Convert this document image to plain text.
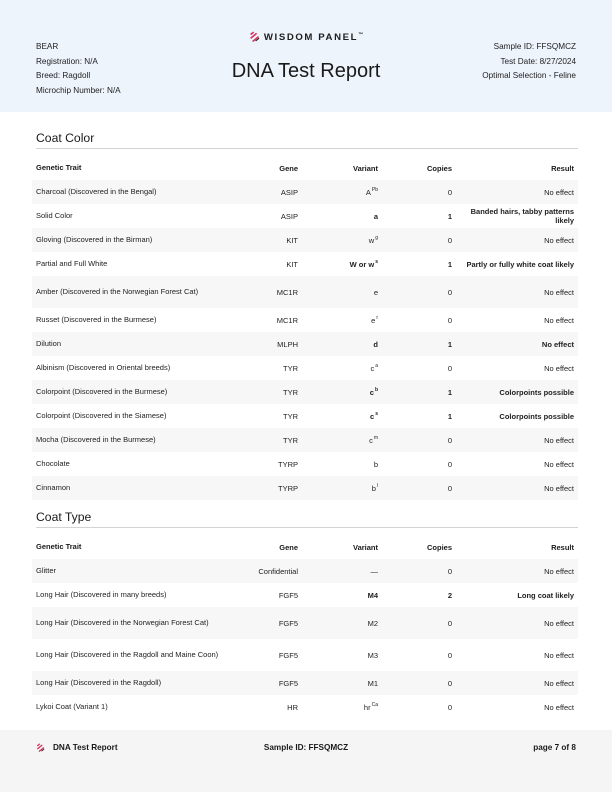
BEAR
Registration: N/A
Breed: Ragdoll
Microchip Number: N/A
WISDOM PANEL™
DNA Test Report
Sample ID: FFSQMCZ
Test Date: 8/27/2024
Optimal Selection - Feline
Coat Color
Genetic Trait	Gene	Variant	Copies	Result
Charcoal (Discovered in the Bengal)	ASIP	$A^{Pb}$	0	No effect
Solid Color	ASIP	a	1	Banded hairs, tabby patterns likely
Gloving (Discovered in the Birman)	KIT	$w^g$	0	No effect
Partial and Full White	KIT	W or $w^s$	1	Partly or fully white coat likely
Amber (Discovered in the Norwegian Forest Cat)	MC1R	e	0	No effect
Russet (Discovered in the Burmese)	MC1R	$e^r$	0	No effect
Dilution	MLPH	d	1	No effect
Albinism (Discovered in Oriental breeds)	TYR	$c^a$	0	No effect
Colorpoint (Discovered in the Burmese)	TYR	$c^b$	1	Colorpoints possible
Colorpoint (Discovered in the Siamese)	TYR	$c^s$	1	Colorpoints possible
Mocha (Discovered in the Burmese)	TYR	$c^m$	0	No effect
Chocolate	TYRP	b	0	No effect
Cinnamon	TYRP	$b^l$	0	No effect
Coat Type
Genetic Trait	Gene	Variant	Copies	Result
Glitter	Confidential	—	0	No effect
Long Hair (Discovered in many breeds)	FGF5	M4	2	Long coat likely
Long Hair (Discovered in the Norwegian Forest Cat)	FGF5	M2	0	No effect
Long Hair (Discovered in the Ragdoll and Maine Coon)	FGF5	M3	0	No effect
Long Hair (Discovered in the Ragdoll)	FGF5	M1	0	No effect
Lykoi Coat (Variant 1)	HR	$hr^{Ca}$	0	No effect
DNA Test Report	Sample ID: FFSQMCZ	page 7 of 8
